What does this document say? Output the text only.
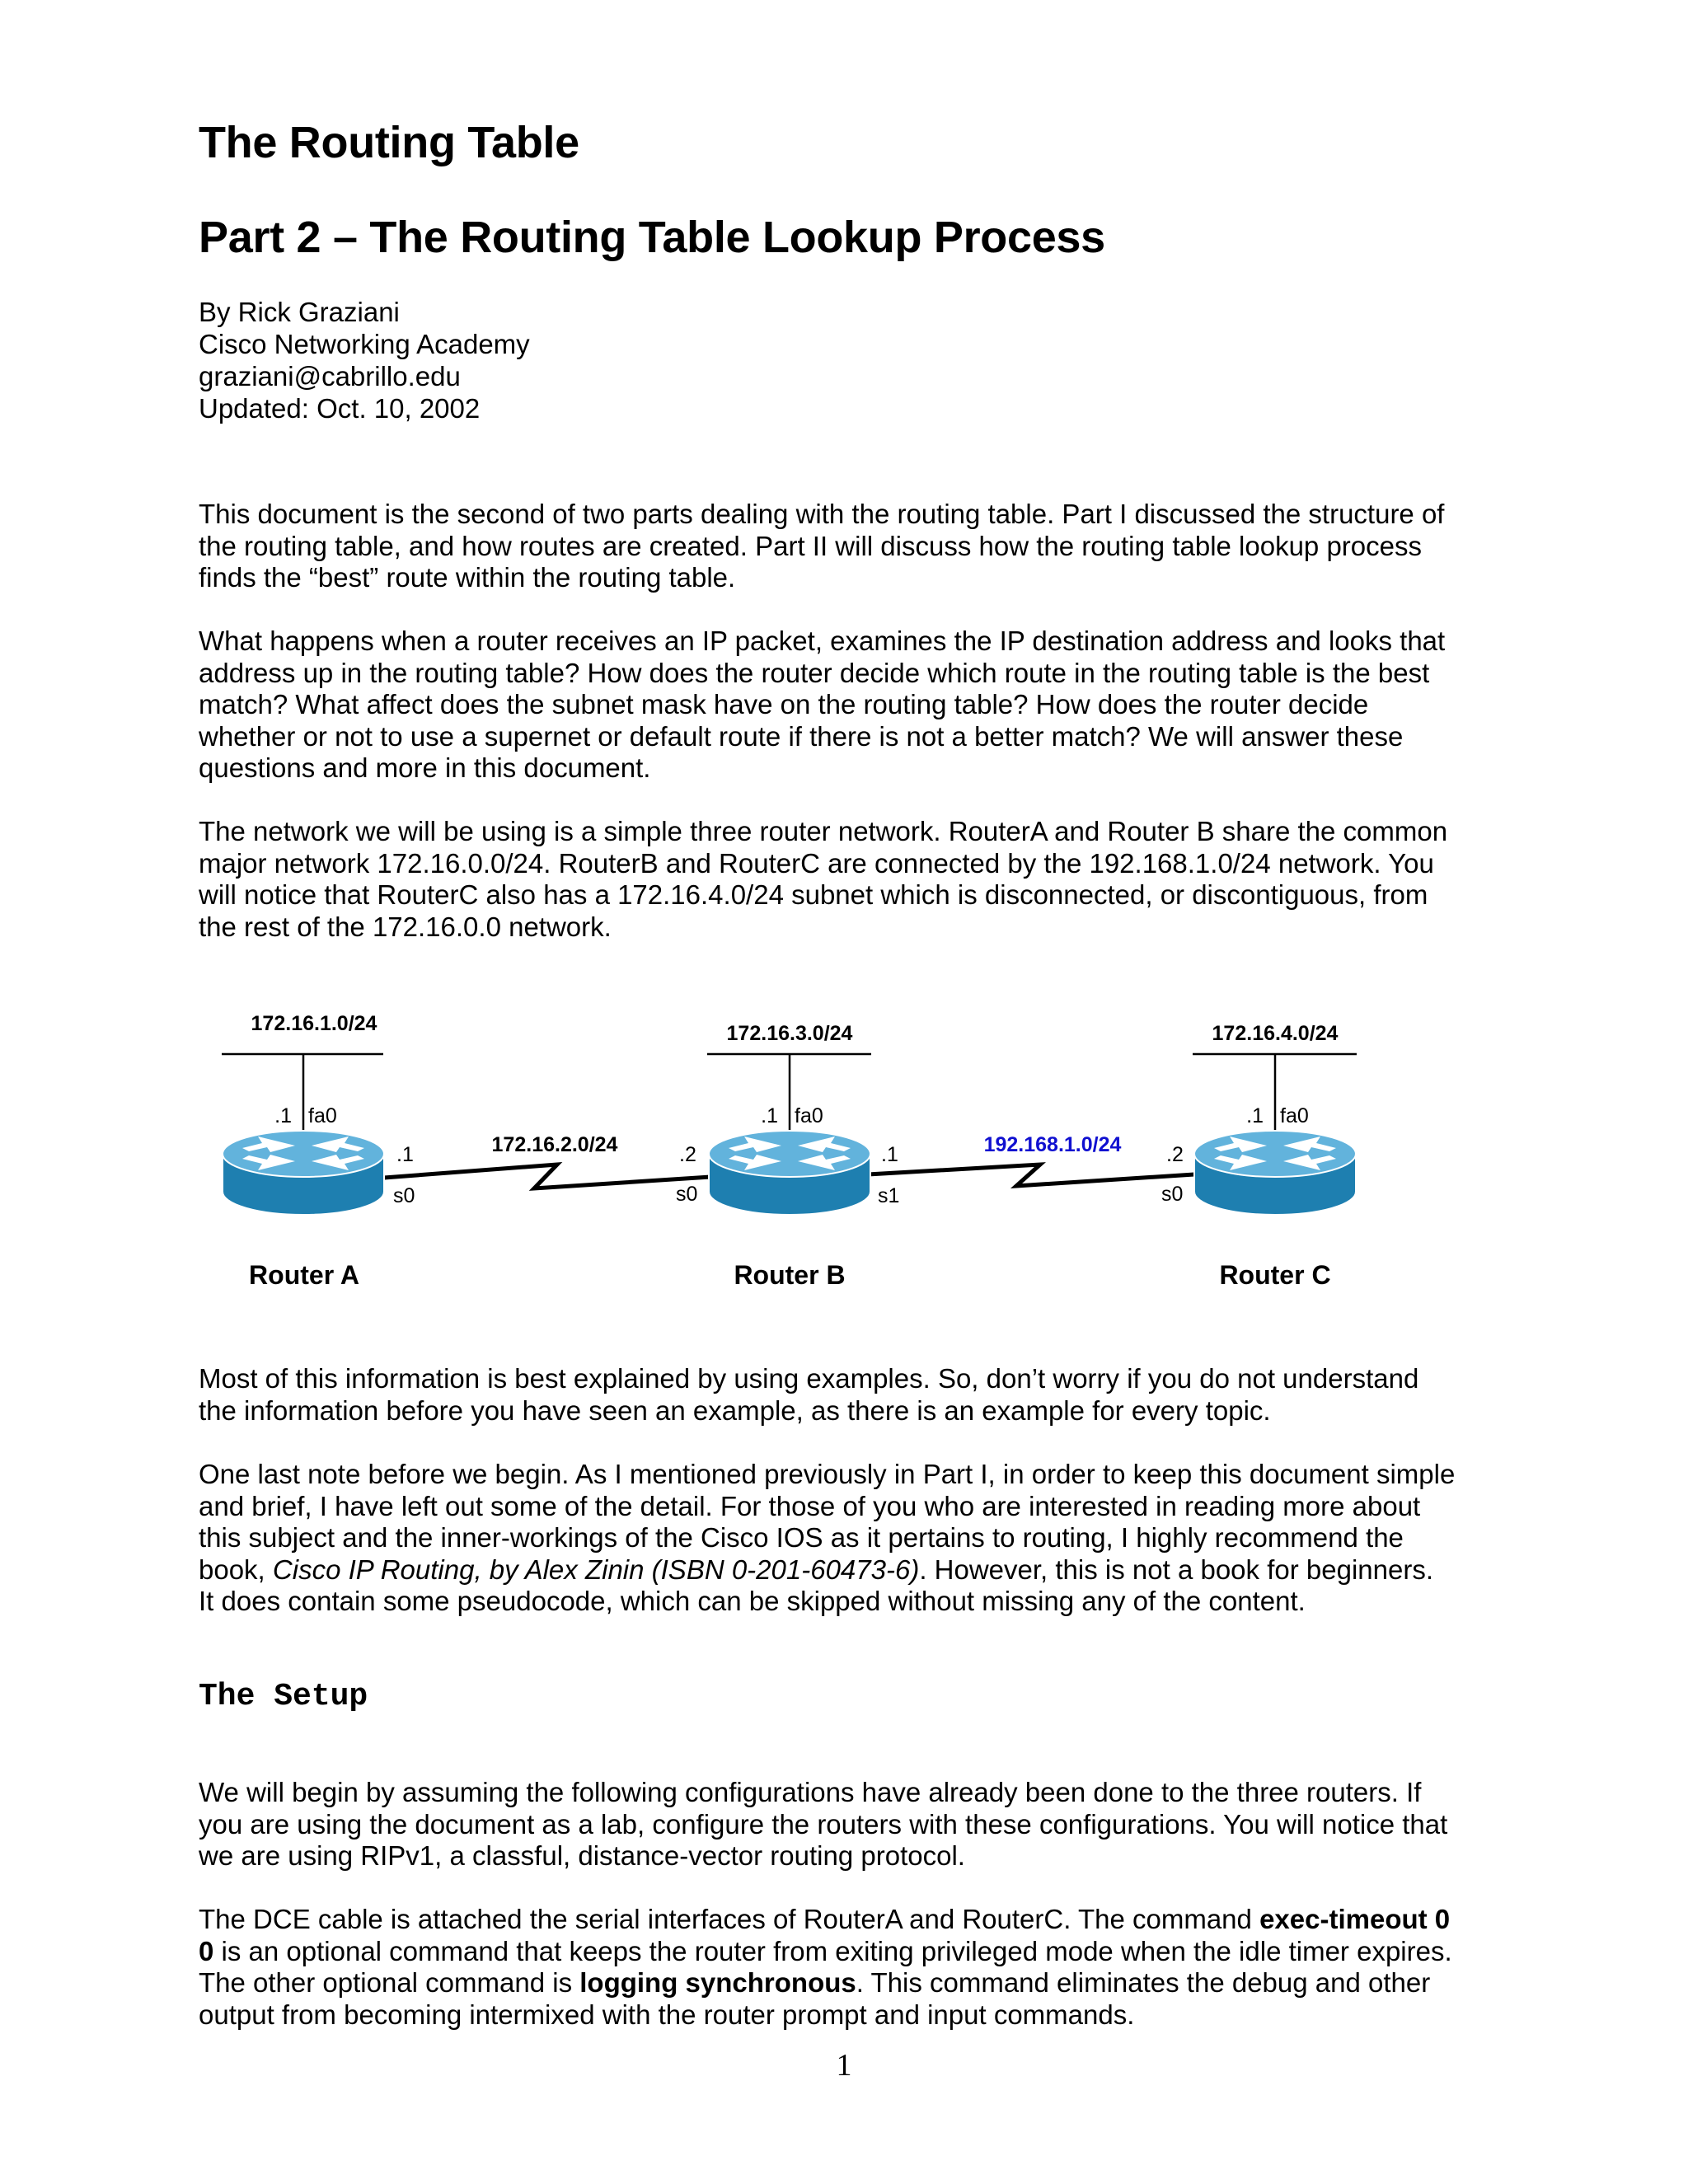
The Routing Table
Part 2 – The Routing Table Lookup Process
By Rick Graziani
Cisco Networking Academy
graziani@cabrillo.edu
Updated: Oct. 10, 2002

This document is the second of two parts dealing with the routing table. Part I discussed the structure of
the routing table, and how routes are created. Part II will discuss how the routing table lookup process
finds the “best” route within the routing table.

What happens when a router receives an IP packet, examines the IP destination address and looks that
address up in the routing table? How does the router decide which route in the routing table is the best
match? What affect does the subnet mask have on the routing table? How does the router decide
whether or not to use a supernet or default route if there is not a better match? We will answer these
questions and more in this document.

The network we will be using is a simple three router network. RouterA and Router B share the common
major network 172.16.0.0/24. RouterB and RouterC are connected by the 192.168.1.0/24 network. You
will notice that RouterC also has a 172.16.4.0/24 subnet which is disconnected, or discontiguous, from
the rest of the 172.16.0.0 network.

172.16.1.0/24	172.16.3.0/24	172.16.4.0/24
.1 fa0	.1 fa0	.1 fa0
172.16.2.0/24	192.168.1.0/24
.1
s0
.2
s0
.1
s1
.2
s0
Router A	Router B	Router C

Most of this information is best explained by using examples. So, don’t worry if you do not understand
the information before you have seen an example, as there is an example for every topic.

One last note before we begin. As I mentioned previously in Part I, in order to keep this document simple
and brief, I have left out some of the detail. For those of you who are interested in reading more about
this subject and the inner-workings of the Cisco IOS as it pertains to routing, I highly recommend the
book, Cisco IP Routing, by Alex Zinin (ISBN 0-201-60473-6). However, this is not a book for beginners.
It does contain some pseudocode, which can be skipped without missing any of the content.

The Setup

We will begin by assuming the following configurations have already been done to the three routers. If
you are using the document as a lab, configure the routers with these configurations. You will notice that
we are using RIPv1, a classful, distance-vector routing protocol.

The DCE cable is attached the serial interfaces of RouterA and RouterC. The command exec-timeout 0
0 is an optional command that keeps the router from exiting privileged mode when the idle timer expires.
The other optional command is logging synchronous. This command eliminates the debug and other
output from becoming intermixed with the router prompt and input commands.

1
